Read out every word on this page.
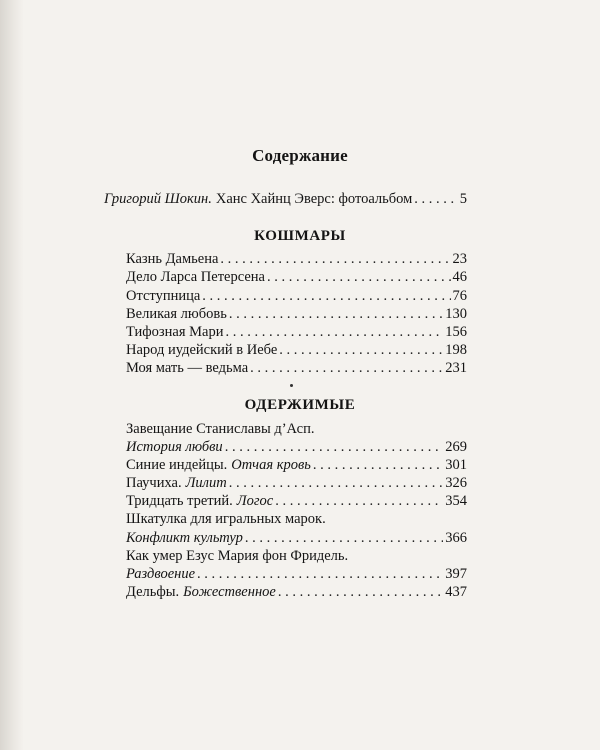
Содержание
Григорий Шокин. Ханс Хайнц Эверс: фотоальбом . . .	5
КОШМАРЫ
Казнь Дамьена . . .	23
Дело Ларса Петерсена . . .	46
Отступница . . .	76
Великая любовь . . .	130
Тифозная Мари . . .	156
Народ иудейский в Иебе . . .	198
Моя мать — ведьма . . .	231
ОДЕРЖИМЫЕ
Завещание Станиславы д’Асп.
История любви . . .	269
Синие индейцы. Отчая кровь . . .	301
Паучиха. Лилит . . .	326
Тридцать третий. Логос . . .	354
Шкатулка для игральных марок.
Конфликт культур . . .	366
Как умер Езус Мария фон Фридель.
Раздвоение . . .	397
Дельфы. Божественное . . .	437
